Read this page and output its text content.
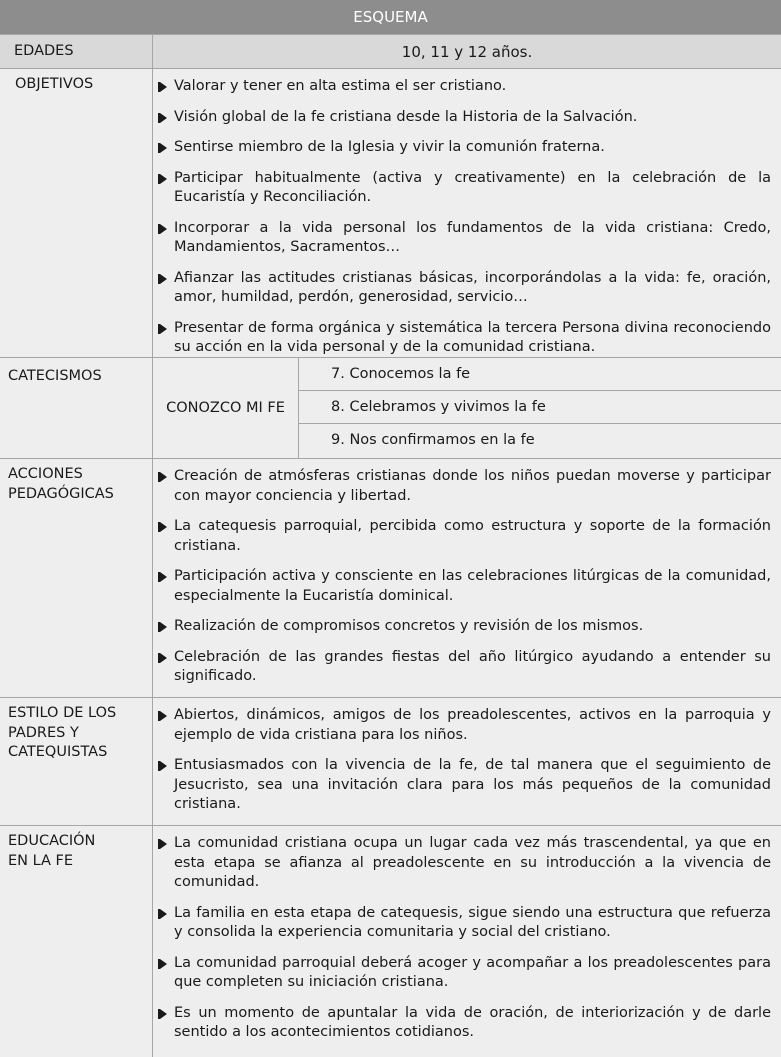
ESQUEMA
EDADES	10, 11 y 12 años.
OBJETIVOS	Valorar y tener en alta estima el ser cristiano.
Visión global de la fe cristiana desde la Historia de la Salvación.
Sentirse miembro de la Iglesia y vivir la comunión fraterna.
Participar habitualmente (activa y creativamente) en la celebración de la Eucaristía y Reconciliación.
Incorporar a la vida personal los fundamentos de la vida cristiana: Credo, Mandamientos, Sacramentos…
Afianzar las actitudes cristianas básicas, incorporándolas a la vida: fe, oración, amor, humildad, perdón, generosidad, servicio…
Presentar de forma orgánica y sistemática la tercera Persona divina reconociendo su acción en la vida personal y de la comunidad cristiana.
CATECISMOS
CONOZCO MI FE
7. Conocemos la fe
8. Celebramos y vivimos la fe
9. Nos confirmamos en la fe
ACCIONES PEDAGÓGICAS
Creación de atmósferas cristianas donde los niños puedan moverse y participar con mayor conciencia y libertad.
La catequesis parroquial, percibida como estructura y soporte de la formación cristiana.
Participación activa y consciente en las celebraciones litúrgicas de la comunidad, especialmente la Eucaristía dominical.
Realización de compromisos concretos y revisión de los mismos.
Celebración de las grandes fiestas del año litúrgico ayudando a entender su significado.
ESTILO DE LOS PADRES Y CATEQUISTAS
Abiertos, dinámicos, amigos de los preadolescentes, activos en la parroquia y ejemplo de vida cristiana para los niños.
Entusiasmados con la vivencia de la fe, de tal manera que el seguimiento de Jesucristo, sea una invitación clara para los más pequeños de la comunidad cristiana.
EDUCACIÓN EN LA FE
La comunidad cristiana ocupa un lugar cada vez más trascendental, ya que en esta etapa se afianza al preadolescente en su introducción a la vivencia de comunidad.
La familia en esta etapa de catequesis, sigue siendo una estructura que refuerza y consolida la experiencia comunitaria y social del cristiano.
La comunidad parroquial deberá acoger y acompañar a los preadolescentes para que completen su iniciación cristiana.
Es un momento de apuntalar la vida de oración, de interiorización y de darle sentido a los acontecimientos cotidianos.
